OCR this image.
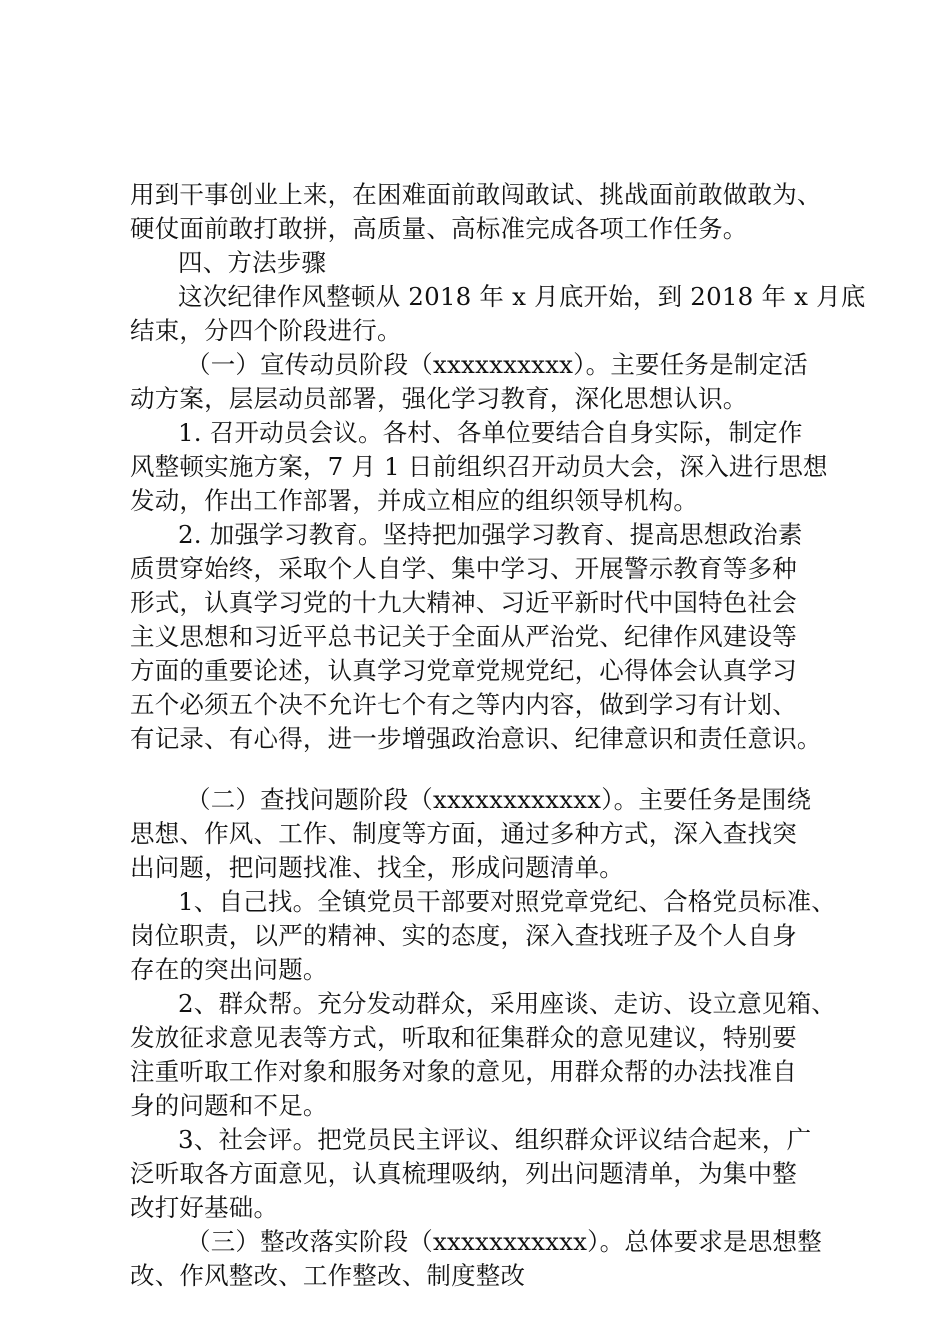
用到干事创业上来，在困难面前敢闯敢试、挑战面前敢做敢为、
硬仗面前敢打敢拼，高质量、高标准完成各项工作任务。
四、方法步骤
这次纪律作风整顿从 2018 年 x 月底开始，到 2018 年 x 月底
结束，分四个阶段进行。
（一）宣传动员阶段（xxxxxxxxxx）。主要任务是制定活
动方案，层层动员部署，强化学习教育，深化思想认识。
1. 召开动员会议。各村、各单位要结合自身实际，制定作
风整顿实施方案，7 月 1 日前组织召开动员大会，深入进行思想
发动，作出工作部署，并成立相应的组织领导机构。
2. 加强学习教育。坚持把加强学习教育、提高思想政治素
质贯穿始终，采取个人自学、集中学习、开展警示教育等多种
形式，认真学习党的十九大精神、习近平新时代中国特色社会
主义思想和习近平总书记关于全面从严治党、纪律作风建设等
方面的重要论述，认真学习党章党规党纪，心得体会认真学习
五个必须五个决不允许七个有之等内内容，做到学习有计划、
有记录、有心得，进一步增强政治意识、纪律意识和责任意识。
（二）查找问题阶段（xxxxxxxxxxxx）。主要任务是围绕
思想、作风、工作、制度等方面，通过多种方式，深入查找突
出问题，把问题找准、找全，形成问题清单。
1、自己找。全镇党员干部要对照党章党纪、合格党员标准、
岗位职责，以严的精神、实的态度，深入查找班子及个人自身
存在的突出问题。
2、群众帮。充分发动群众，采用座谈、走访、设立意见箱、
发放征求意见表等方式，听取和征集群众的意见建议，特别要
注重听取工作对象和服务对象的意见，用群众帮的办法找准自
身的问题和不足。
3、社会评。把党员民主评议、组织群众评议结合起来，广
泛听取各方面意见，认真梳理吸纳，列出问题清单，为集中整
改打好基础。
（三）整改落实阶段（xxxxxxxxxxx）。总体要求是思想整
改、作风整改、工作整改、制度整改
